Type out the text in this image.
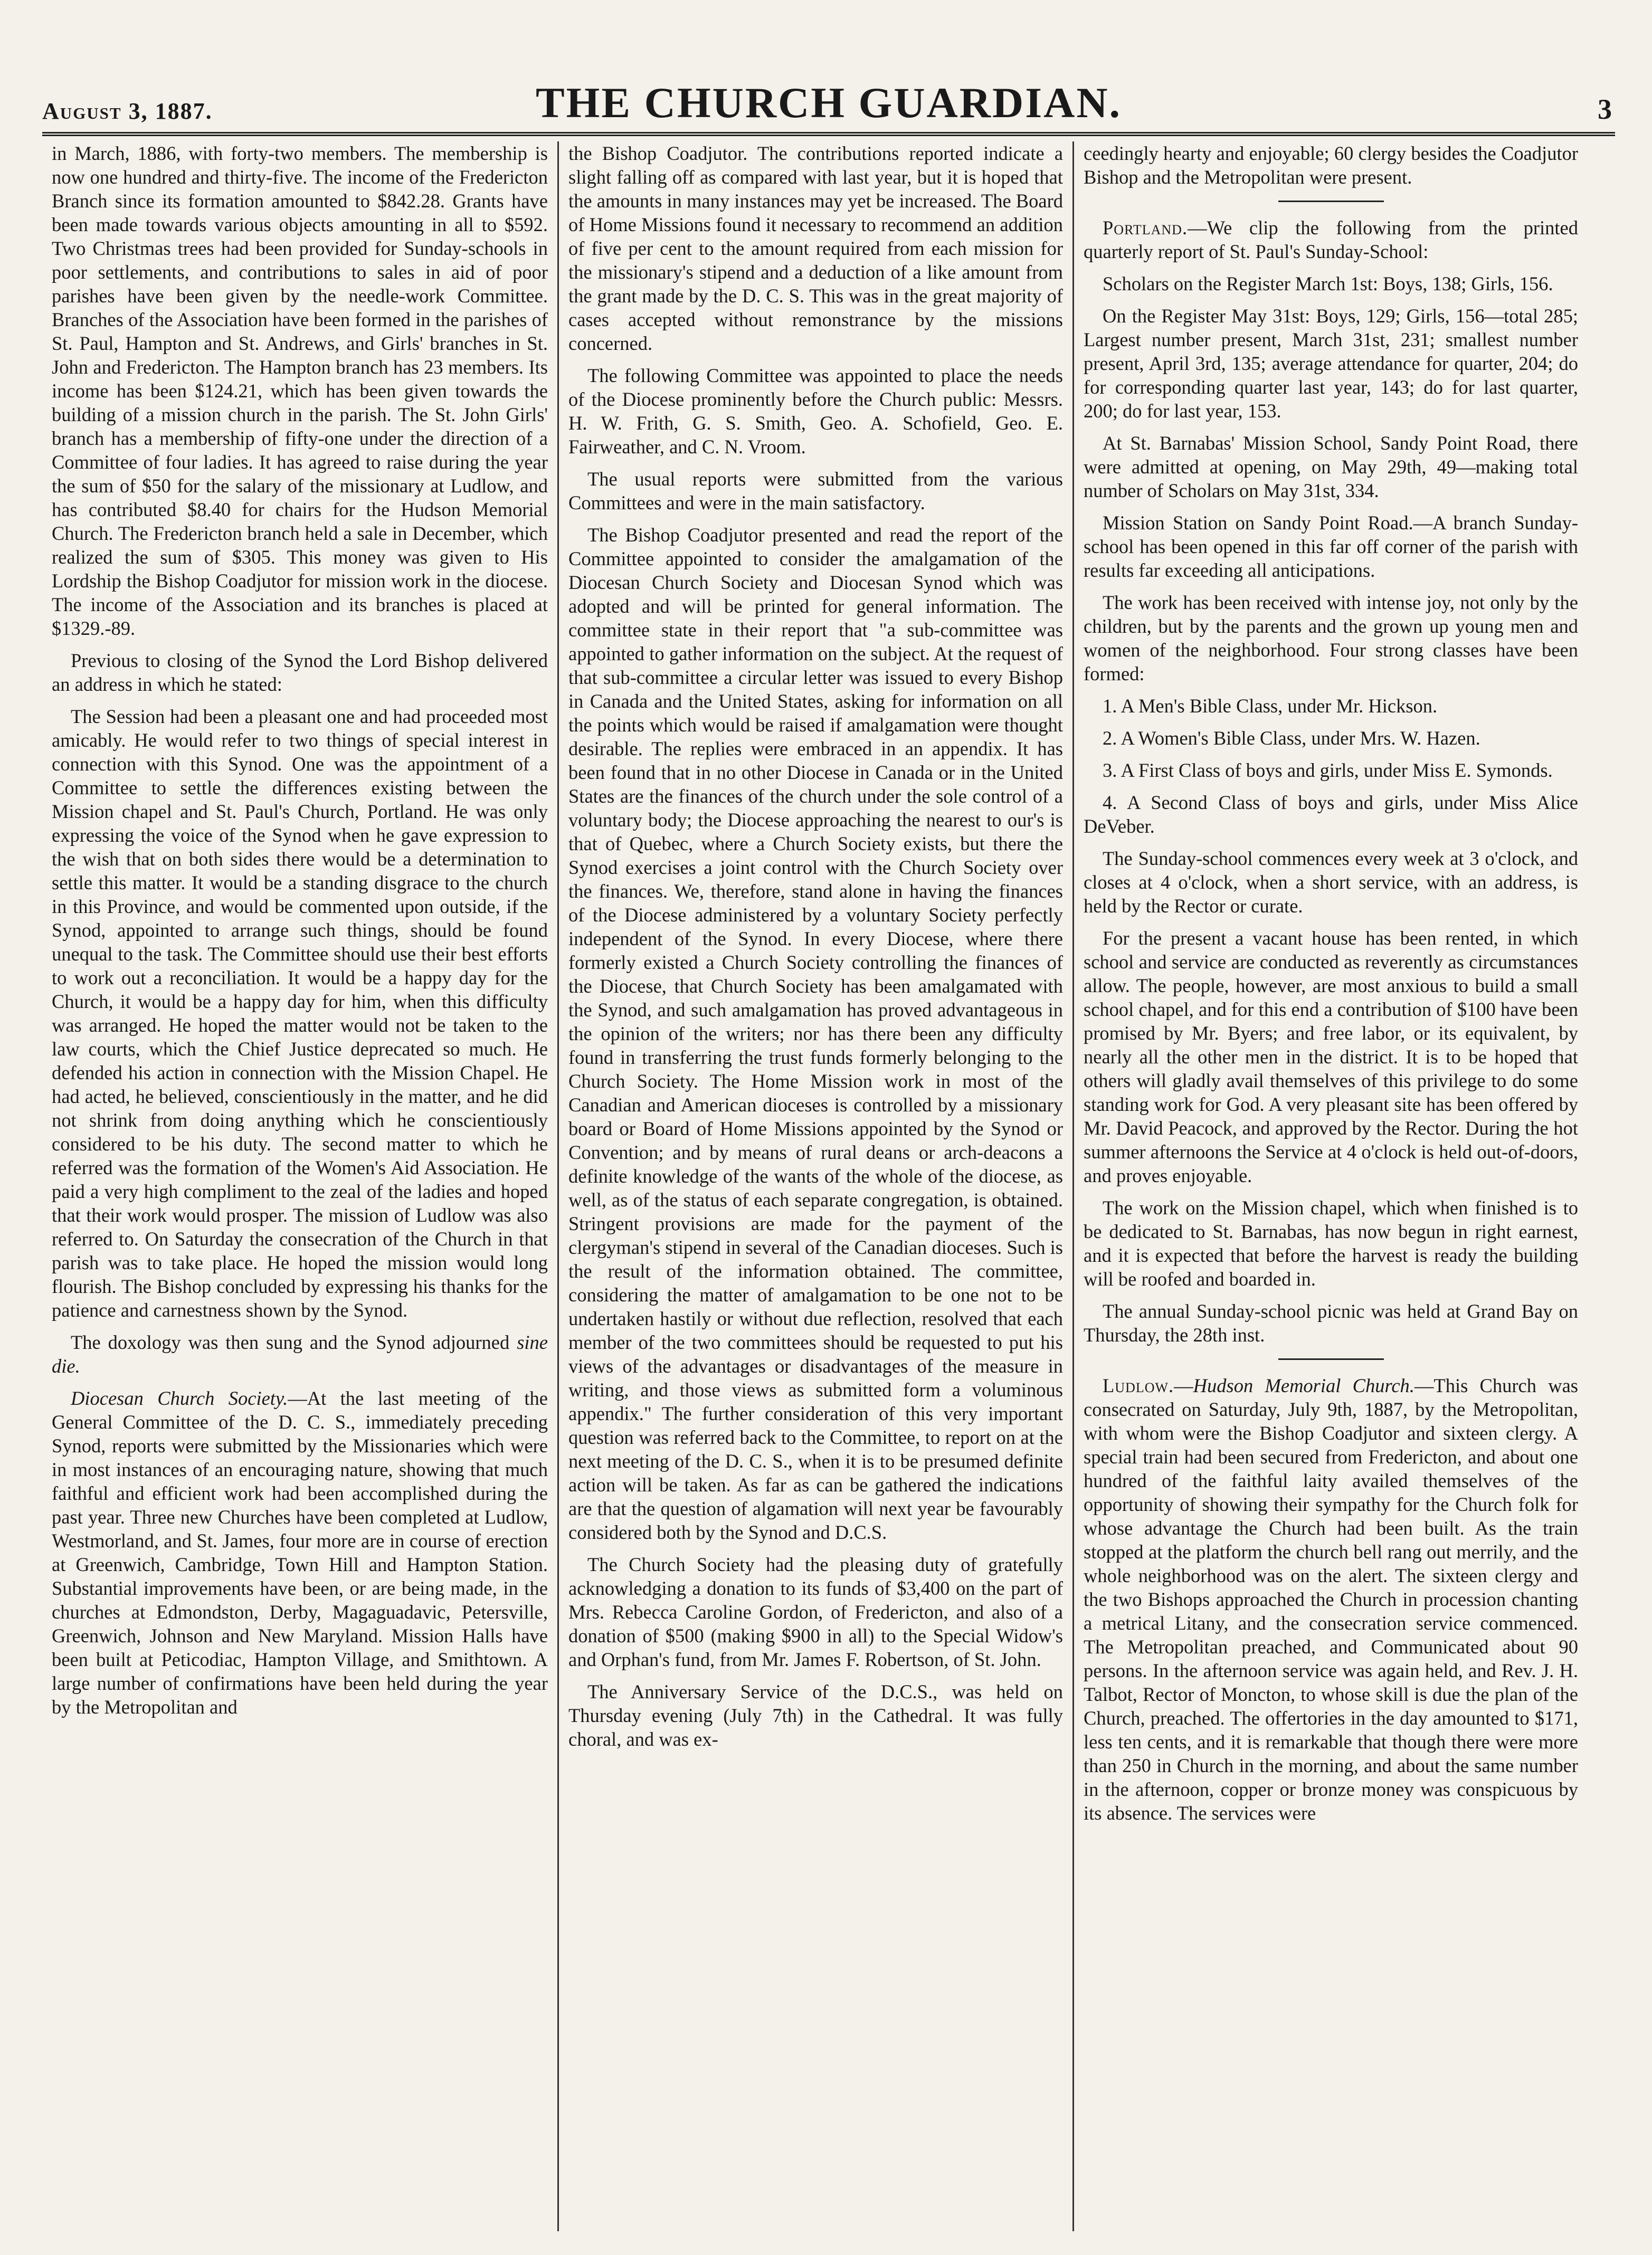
August 3, 1887.	THE CHURCH GUARDIAN.	3

in March, 1886, with forty-two members. The membership is now one hundred and thirty-five. The income of the Fredericton Branch since its formation amounted to $842.28. Grants have been made towards various objects amounting in all to $592. Two Christmas trees had been provided for Sunday-schools in poor settlements, and contributions to sales in aid of poor parishes have been given by the needle-work Committee. Branches of the Association have been formed in the parishes of St. Paul, Hampton and St. Andrews, and Girls' branches in St. John and Fredericton. The Hampton branch has 23 members. Its income has been $124.21, which has been given towards the building of a mission church in the parish. The St. John Girls' branch has a membership of fifty-one under the direction of a Committee of four ladies. It has agreed to raise during the year the sum of $50 for the salary of the missionary at Ludlow, and has contributed $8.40 for chairs for the Hudson Memorial Church. The Fredericton branch held a sale in December, which realized the sum of $305. This money was given to His Lordship the Bishop Coadjutor for mission work in the diocese. The income of the Association and its branches is placed at $1329.-89.

Previous to closing of the Synod the Lord Bishop delivered an address in which he stated:

The Session had been a pleasant one and had proceeded most amicably. He would refer to two things of special interest in connection with this Synod. One was the appointment of a Committee to settle the differences existing between the Mission chapel and St. Paul's Church, Portland. He was only expressing the voice of the Synod when he gave expression to the wish that on both sides there would be a determination to settle this matter. It would be a standing disgrace to the church in this Province, and would be commented upon outside, if the Synod, appointed to arrange such things, should be found unequal to the task. The Committee should use their best efforts to work out a reconciliation. It would be a happy day for the Church, it would be a happy day for him, when this difficulty was arranged. He hoped the matter would not be taken to the law courts, which the Chief Justice deprecated so much. He defended his action in connection with the Mission Chapel. He had acted, he believed, conscientiously in the matter, and he did not shrink from doing anything which he conscientiously considered to be his duty. The second matter to which he referred was the formation of the Women's Aid Association. He paid a very high compliment to the zeal of the ladies and hoped that their work would prosper. The mission of Ludlow was also referred to. On Saturday the consecration of the Church in that parish was to take place. He hoped the mission would long flourish. The Bishop concluded by expressing his thanks for the patience and carnestness shown by the Synod.

The doxology was then sung and the Synod adjourned sine die.

Diocesan Church Society.—At the last meeting of the General Committee of the D. C. S., immediately preceding Synod, reports were submitted by the Missionaries which were in most instances of an encouraging nature, showing that much faithful and efficient work had been accomplished during the past year. Three new Churches have been completed at Ludlow, Westmorland, and St. James, four more are in course of erection at Greenwich, Cambridge, Town Hill and Hampton Station. Substantial improvements have been, or are being made, in the churches at Edmondston, Derby, Magaguadavic, Petersville, Greenwich, Johnson and New Maryland. Mission Halls have been built at Peticodiac, Hampton Village, and Smithtown. A large number of confirmations have been held during the year by the Metropolitan and

the Bishop Coadjutor. The contributions reported indicate a slight falling off as compared with last year, but it is hoped that the amounts in many instances may yet be increased. The Board of Home Missions found it necessary to recommend an addition of five per cent to the amount required from each mission for the missionary's stipend and a deduction of a like amount from the grant made by the D. C. S. This was in the great majority of cases accepted without remonstrance by the missions concerned.

The following Committee was appointed to place the needs of the Diocese prominently before the Church public: Messrs. H. W. Frith, G. S. Smith, Geo. A. Schofield, Geo. E. Fairweather, and C. N. Vroom.

The usual reports were submitted from the various Committees and were in the main satisfactory.

The Bishop Coadjutor presented and read the report of the Committee appointed to consider the amalgamation of the Diocesan Church Society and Diocesan Synod which was adopted and will be printed for general information. The committee state in their report that "a sub-committee was appointed to gather information on the subject. At the request of that sub-committee a circular letter was issued to every Bishop in Canada and the United States, asking for information on all the points which would be raised if amalgamation were thought desirable. The replies were embraced in an appendix. It has been found that in no other Diocese in Canada or in the United States are the finances of the church under the sole control of a voluntary body; the Diocese approaching the nearest to our's is that of Quebec, where a Church Society exists, but there the Synod exercises a joint control with the Church Society over the finances. We, therefore, stand alone in having the finances of the Diocese administered by a voluntary Society perfectly independent of the Synod. In every Diocese, where there formerly existed a Church Society controlling the finances of the Diocese, that Church Society has been amalgamated with the Synod, and such amalgamation has proved advantageous in the opinion of the writers; nor has there been any difficulty found in transferring the trust funds formerly belonging to the Church Society. The Home Mission work in most of the Canadian and American dioceses is controlled by a missionary board or Board of Home Missions appointed by the Synod or Convention; and by means of rural deans or arch-deacons a definite knowledge of the wants of the whole of the diocese, as well, as of the status of each separate congregation, is obtained. Stringent provisions are made for the payment of the clergyman's stipend in several of the Canadian dioceses. Such is the result of the information obtained. The committee, considering the matter of amalgamation to be one not to be undertaken hastily or without due reflection, resolved that each member of the two committees should be requested to put his views of the advantages or disadvantages of the measure in writing, and those views as submitted form a voluminous appendix." The further consideration of this very important question was referred back to the Committee, to report on at the next meeting of the D. C. S., when it is to be presumed definite action will be taken. As far as can be gathered the indications are that the question of algamation will next year be favourably considered both by the Synod and D.C.S.

The Church Society had the pleasing duty of gratefully acknowledging a donation to its funds of $3,400 on the part of Mrs. Rebecca Caroline Gordon, of Fredericton, and also of a donation of $500 (making $900 in all) to the Special Widow's and Orphan's fund, from Mr. James F. Robertson, of St. John.

The Anniversary Service of the D.C.S., was held on Thursday evening (July 7th) in the Cathedral. It was fully choral, and was ex-

ceedingly hearty and enjoyable; 60 clergy besides the Coadjutor Bishop and the Metropolitan were present.

Portland.—We clip the following from the printed quarterly report of St. Paul's Sunday-School:

Scholars on the Register March 1st: Boys, 138; Girls, 156.

On the Register May 31st: Boys, 129; Girls, 156—total 285; Largest number present, March 31st, 231; smallest number present, April 3rd, 135; average attendance for quarter, 204; do for corresponding quarter last year, 143; do for last quarter, 200; do for last year, 153.

At St. Barnabas' Mission School, Sandy Point Road, there were admitted at opening, on May 29th, 49—making total number of Scholars on May 31st, 334.

Mission Station on Sandy Point Road.—A branch Sunday-school has been opened in this far off corner of the parish with results far exceeding all anticipations.

The work has been received with intense joy, not only by the children, but by the parents and the grown up young men and women of the neighborhood. Four strong classes have been formed:

1. A Men's Bible Class, under Mr. Hickson.

2. A Women's Bible Class, under Mrs. W. Hazen.

3. A First Class of boys and girls, under Miss E. Symonds.

4. A Second Class of boys and girls, under Miss Alice DeVeber.

The Sunday-school commences every week at 3 o'clock, and closes at 4 o'clock, when a short service, with an address, is held by the Rector or curate.

For the present a vacant house has been rented, in which school and service are conducted as reverently as circumstances allow. The people, however, are most anxious to build a small school chapel, and for this end a contribution of $100 have been promised by Mr. Byers; and free labor, or its equivalent, by nearly all the other men in the district. It is to be hoped that others will gladly avail themselves of this privilege to do some standing work for God. A very pleasant site has been offered by Mr. David Peacock, and approved by the Rector. During the hot summer afternoons the Service at 4 o'clock is held out-of-doors, and proves enjoyable.

The work on the Mission chapel, which when finished is to be dedicated to St. Barnabas, has now begun in right earnest, and it is expected that before the harvest is ready the building will be roofed and boarded in.

The annual Sunday-school picnic was held at Grand Bay on Thursday, the 28th inst.

Ludlow.—Hudson Memorial Church.—This Church was consecrated on Saturday, July 9th, 1887, by the Metropolitan, with whom were the Bishop Coadjutor and sixteen clergy. A special train had been secured from Fredericton, and about one hundred of the faithful laity availed themselves of the opportunity of showing their sympathy for the Church folk for whose advantage the Church had been built. As the train stopped at the platform the church bell rang out merrily, and the whole neighborhood was on the alert. The sixteen clergy and the two Bishops approached the Church in procession chanting a metrical Litany, and the consecration service commenced. The Metropolitan preached, and Communicated about 90 persons. In the afternoon service was again held, and Rev. J. H. Talbot, Rector of Moncton, to whose skill is due the plan of the Church, preached. The offertories in the day amounted to $171, less ten cents, and it is remarkable that though there were more than 250 in Church in the morning, and about the same number in the afternoon, copper or bronze money was conspicuous by its absence. The services were
